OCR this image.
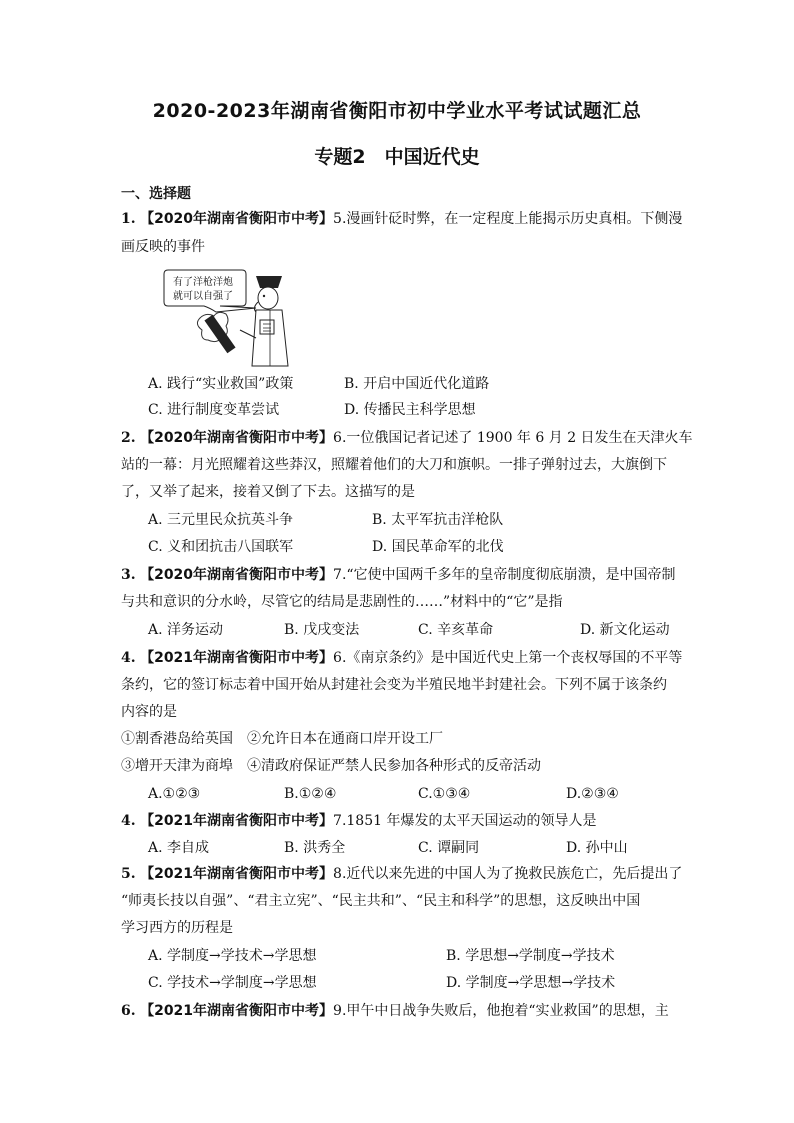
2020-2023年湖南省衡阳市初中学业水平考试试题汇总
专题2　中国近代史
一、选择题
1. 【2020年湖南省衡阳市中考】5.漫画针砭时弊，在一定程度上能揭示历史真相。下侧漫
画反映的事件
有了洋枪洋炮
就可以自强了
A. 践行“实业救国”政策	B. 开启中国近代化道路
C. 进行制度变革尝试	D. 传播民主科学思想
2. 【2020年湖南省衡阳市中考】6.一位俄国记者记述了 1900 年 6 月 2 日发生在天津火车
站的一幕：月光照耀着这些莽汉，照耀着他们的大刀和旗帜。一排子弹射过去，大旗倒下
了，又举了起来，接着又倒了下去。这描写的是
A. 三元里民众抗英斗争	B. 太平军抗击洋枪队
C. 义和团抗击八国联军	D. 国民革命军的北伐
3. 【2020年湖南省衡阳市中考】7.“它使中国两千多年的皇帝制度彻底崩溃，是中国帝制
与共和意识的分水岭，尽管它的结局是悲剧性的……”材料中的“它”是指
A. 洋务运动	B. 戊戌变法	C. 辛亥革命	D. 新文化运动
4. 【2021年湖南省衡阳市中考】6.《南京条约》是中国近代史上第一个丧权辱国的不平等
条约，它的签订标志着中国开始从封建社会变为半殖民地半封建社会。下列不属于该条约
内容的是
①割香港岛给英国　②允许日本在通商口岸开设工厂
③增开天津为商埠　④清政府保证严禁人民参加各种形式的反帝活动
A.①②③	B.①②④	C.①③④	D.②③④
4. 【2021年湖南省衡阳市中考】7.1851 年爆发的太平天国运动的领导人是
A. 李自成	B. 洪秀全	C. 谭嗣同	D. 孙中山
5. 【2021年湖南省衡阳市中考】8.近代以来先进的中国人为了挽救民族危亡，先后提出了
“师夷长技以自强”、“君主立宪”、“民主共和”、“民主和科学”的思想，这反映出中国
学习西方的历程是
A. 学制度→学技术→学思想	B. 学思想→学制度→学技术
C. 学技术→学制度→学思想	D. 学制度→学思想→学技术
6. 【2021年湖南省衡阳市中考】9.甲午中日战争失败后，他抱着“实业救国”的思想，主
